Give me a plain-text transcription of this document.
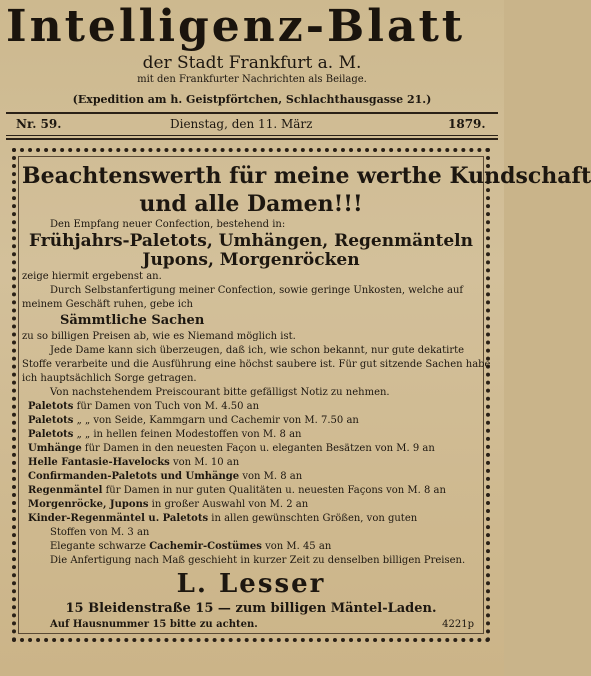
Intelligenz-Blatt
der Stadt Frankfurt a. M.
mit den Frankfurter Nachrichten als Beilage.
(Expedition am h. Geistpförtchen, Schlachthausgasse 21.)
Nr. 59.	Dienstag, den 11. März	1879.
Beachtenswerth für meine werthe Kundschaft
und alle Damen!!!
Den Empfang neuer Confection, bestehend in:
Frühjahrs-Paletots, Umhängen, Regenmänteln
Jupons, Morgenröcken
zeige hiermit ergebenst an.
Durch Selbstanfertigung meiner Confection, sowie geringe Unkosten, welche auf
meinem Geschäft ruhen, gebe ich
Sämmtliche Sachen
zu so billigen Preisen ab, wie es Niemand möglich ist.
Jede Dame kann sich überzeugen, daß ich, wie schon bekannt, nur gute dekatirte
Stoffe verarbeite und die Ausführung eine höchst saubere ist. Für gut sitzende Sachen habe
ich hauptsächlich Sorge getragen.
Von nachstehendem Preiscourant bitte gefälligst Notiz zu nehmen.
Paletots für Damen von Tuch von M. 4.50 an
Paletots „ „ von Seide, Kammgarn und Cachemir von M. 7.50 an
Paletots „ „ in hellen feinen Modestoffen von M. 8 an
Umhänge für Damen in den neuesten Façon u. eleganten Besätzen von M. 9 an
Helle Fantasie-Havelocks von M. 10 an
Confirmanden-Paletots und Umhänge von M. 8 an
Regenmäntel für Damen in nur guten Qualitäten u. neuesten Façons von M. 8 an
Morgenröcke, Jupons in großer Auswahl von M. 2 an
Kinder-Regenmäntel u. Paletots in allen gewünschten Größen, von guten
Stoffen von M. 3 an
Elegante schwarze Cachemir-Costümes von M. 45 an
Die Anfertigung nach Maß geschieht in kurzer Zeit zu denselben billigen Preisen.
L. Lesser
15 Bleidenstraße 15 — zum billigen Mäntel-Laden.
Auf Hausnummer 15 bitte zu achten.	4221p
